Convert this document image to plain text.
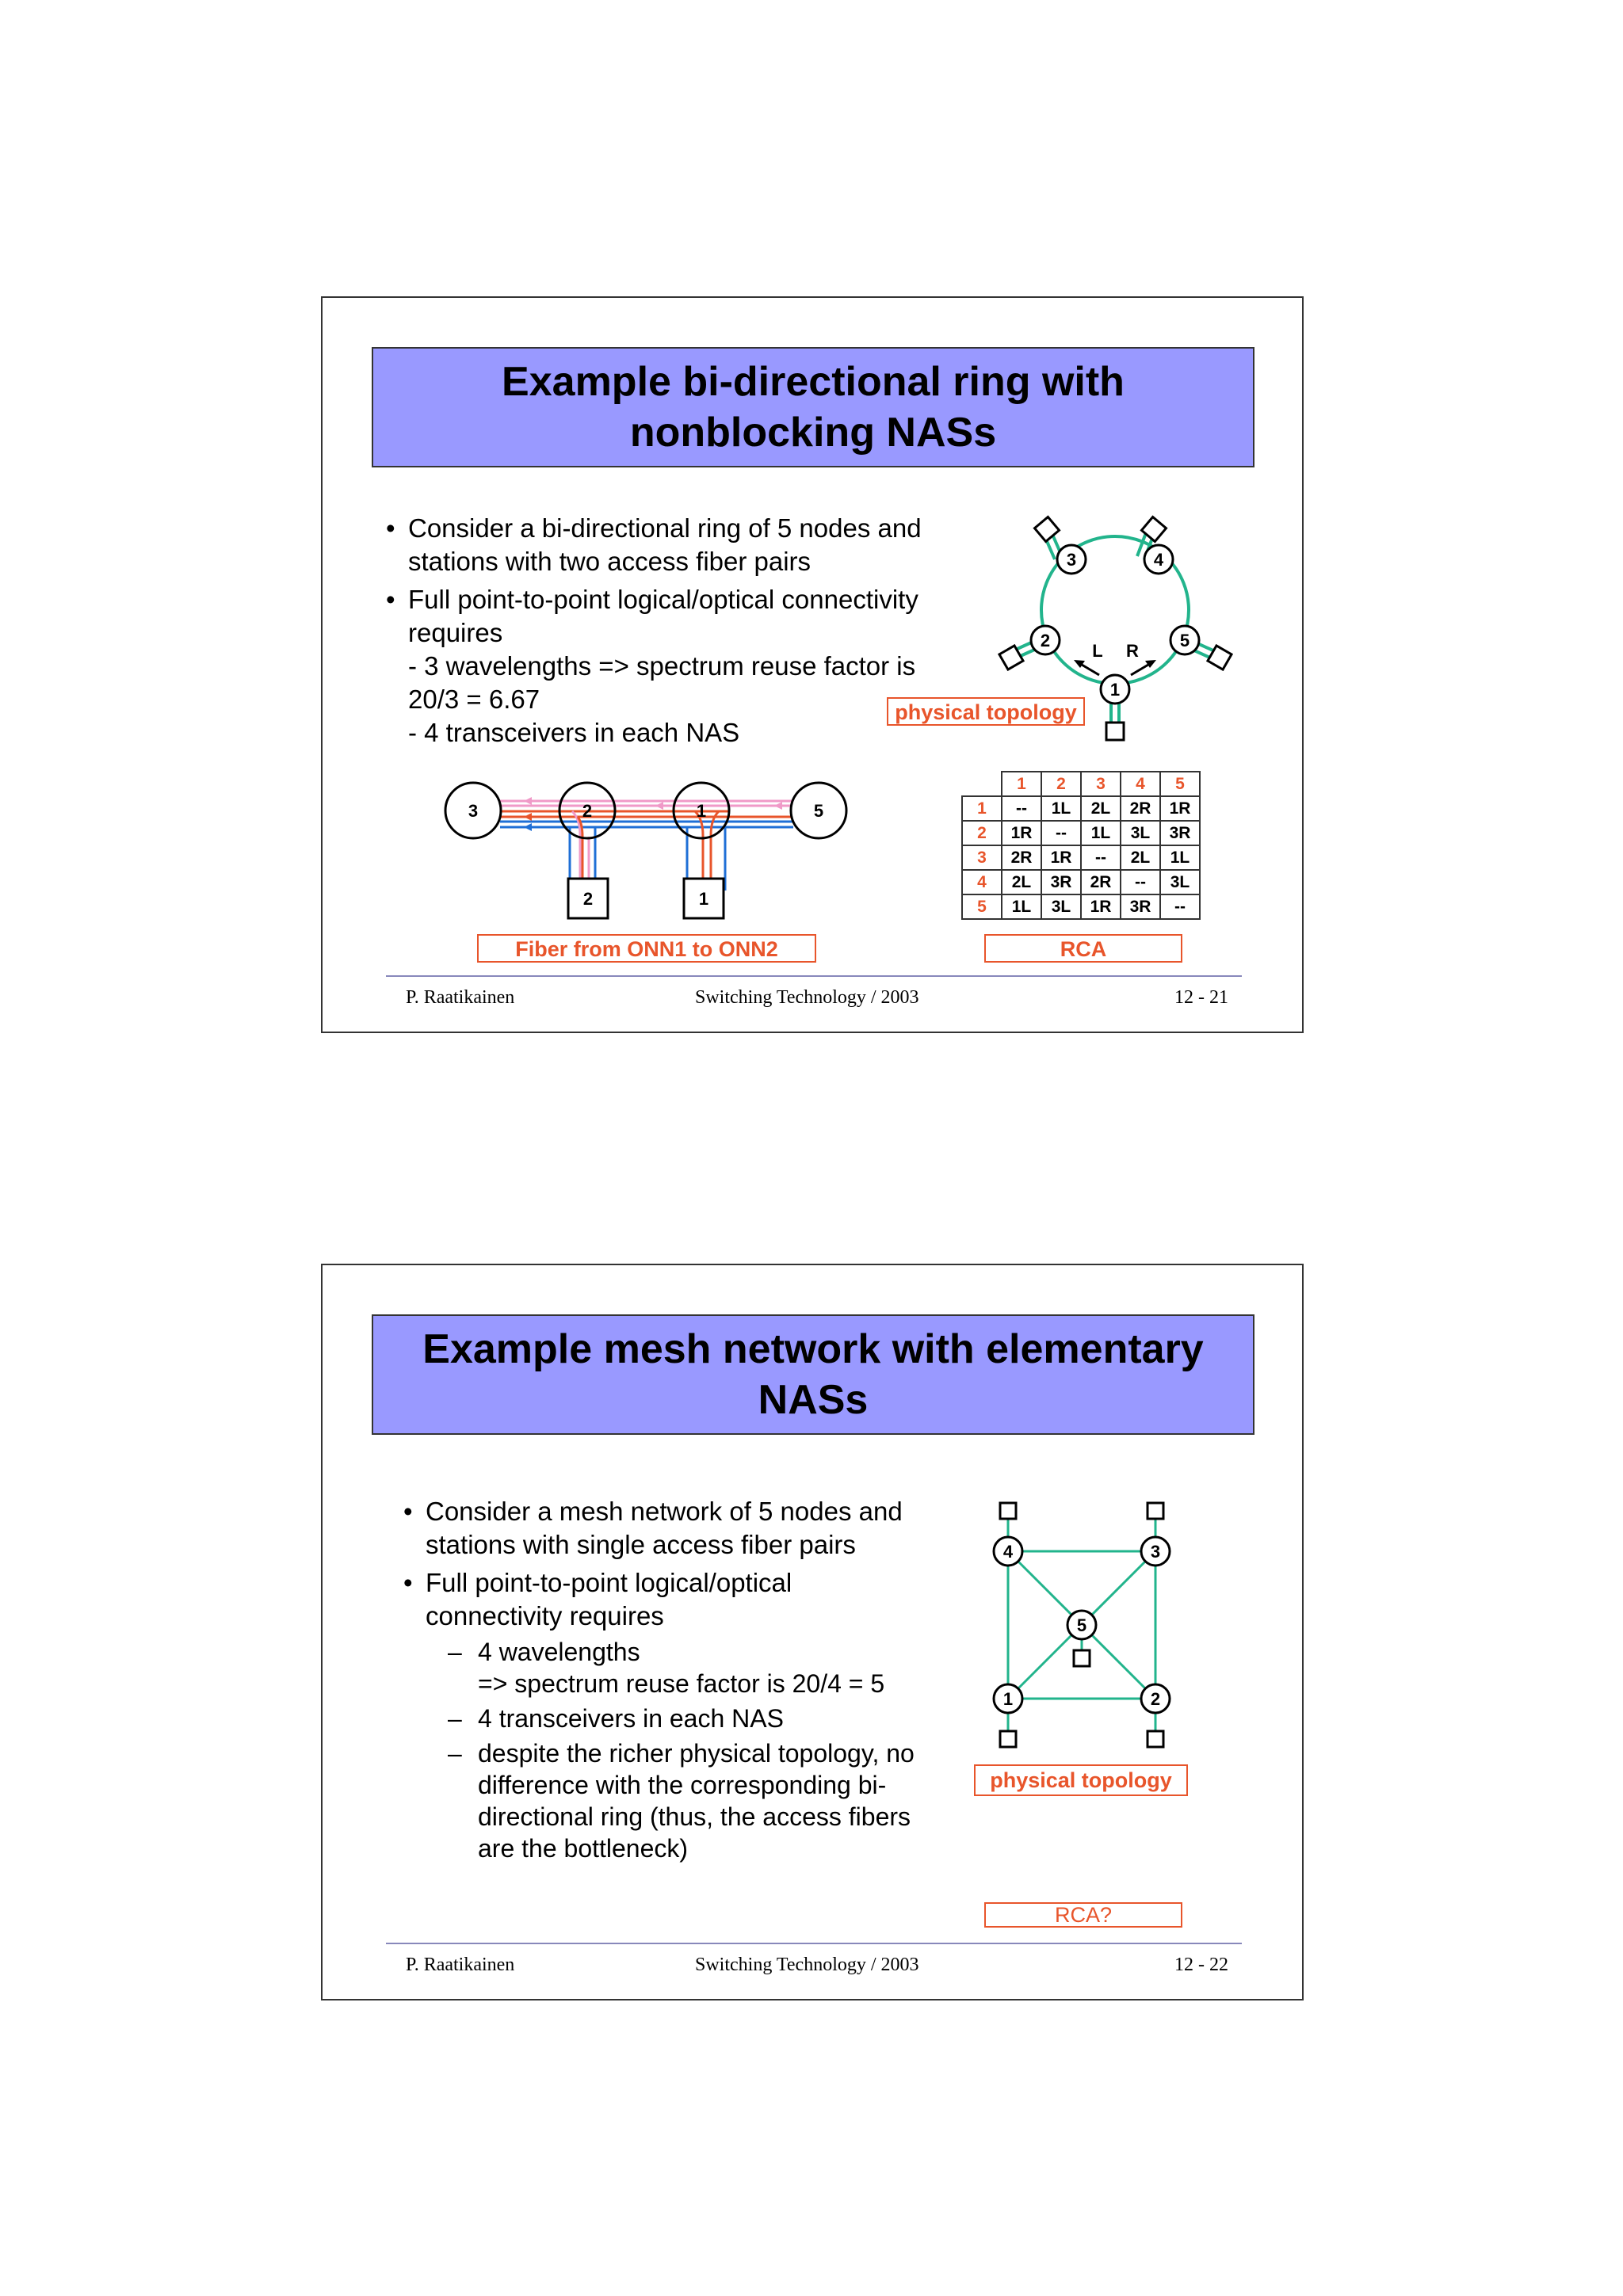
Example bi-directional ring with
nonblocking NASs
• Consider a bi-directional ring of 5 nodes and
stations with two access fiber pairs
• Full point-to-point logical/optical connectivity
requires
- 3 wavelengths => spectrum reuse factor is
20/3 = 6.67
- 4 transceivers in each NAS
1
2
3	4
5
L R
3	2	1	5
2	1
physical topology
	1	2	3	4	5
1	--	1L	2L	2R	1R
2	1R	--	1L	3L	3R
3	2R	1R	--	2L	1L
4	2L	3R	2R	--	3L
5	1L	3L	1R	3R	--
Fiber from ONN1 to ONN2	RCA
P. Raatikainen	Switching Technology / 2003	12 - 21
Example mesh network with elementary
NASs
• Consider a mesh network of 5 nodes and
stations with single access fiber pairs
• Full point-to-point logical/optical
connectivity requires
– 4 wavelengths
=> spectrum reuse factor is 20/4 = 5
– 4 transceivers in each NAS
– despite the richer physical topology, no
difference with the corresponding bi-
directional ring (thus, the access fibers
are the bottleneck)
1	2
3
4
5
physical topology
RCA?
P. Raatikainen	Switching Technology / 2003	12 - 22
